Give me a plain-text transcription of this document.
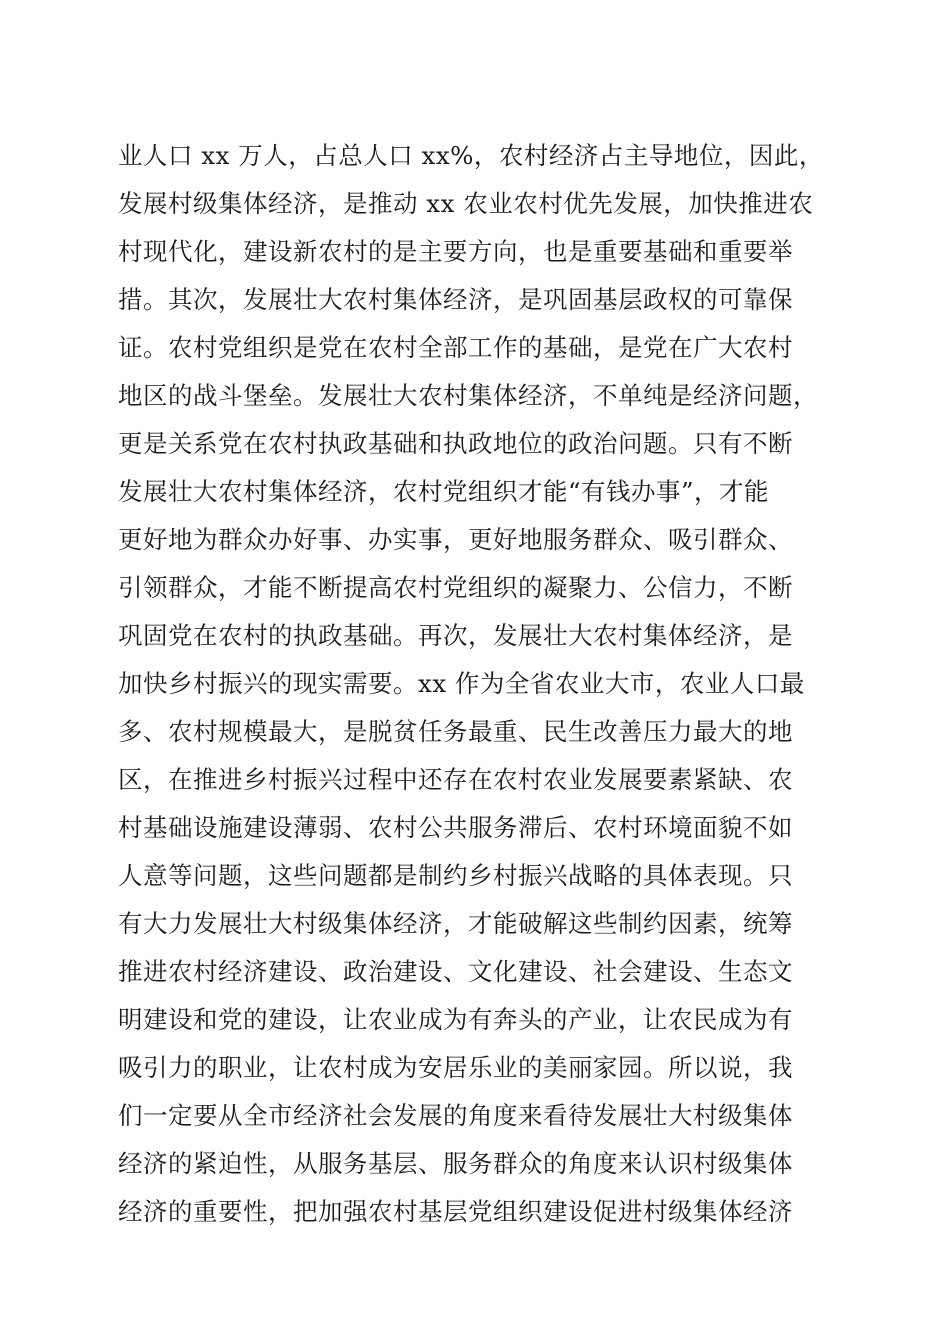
业人口 xx 万人，占总人口 xx%，农村经济占主导地位，因此，
发展村级集体经济，是推动 xx 农业农村优先发展，加快推进农
村现代化，建设新农村的是主要方向，也是重要基础和重要举
措。其次，发展壮大农村集体经济，是巩固基层政权的可靠保
证。农村党组织是党在农村全部工作的基础，是党在广大农村
地区的战斗堡垒。发展壮大农村集体经济，不单纯是经济问题，
更是关系党在农村执政基础和执政地位的政治问题。只有不断
发展壮大农村集体经济，农村党组织才能“有钱办事”，才能
更好地为群众办好事、办实事，更好地服务群众、吸引群众、
引领群众，才能不断提高农村党组织的凝聚力、公信力，不断
巩固党在农村的执政基础。再次，发展壮大农村集体经济，是
加快乡村振兴的现实需要。xx 作为全省农业大市，农业人口最
多、农村规模最大，是脱贫任务最重、民生改善压力最大的地
区，在推进乡村振兴过程中还存在农村农业发展要素紧缺、农
村基础设施建设薄弱、农村公共服务滞后、农村环境面貌不如
人意等问题，这些问题都是制约乡村振兴战略的具体表现。只
有大力发展壮大村级集体经济，才能破解这些制约因素，统筹
推进农村经济建设、政治建设、文化建设、社会建设、生态文
明建设和党的建设，让农业成为有奔头的产业，让农民成为有
吸引力的职业，让农村成为安居乐业的美丽家园。所以说，我
们一定要从全市经济社会发展的角度来看待发展壮大村级集体
经济的紧迫性，从服务基层、服务群众的角度来认识村级集体
经济的重要性，把加强农村基层党组织建设促进村级集体经济
